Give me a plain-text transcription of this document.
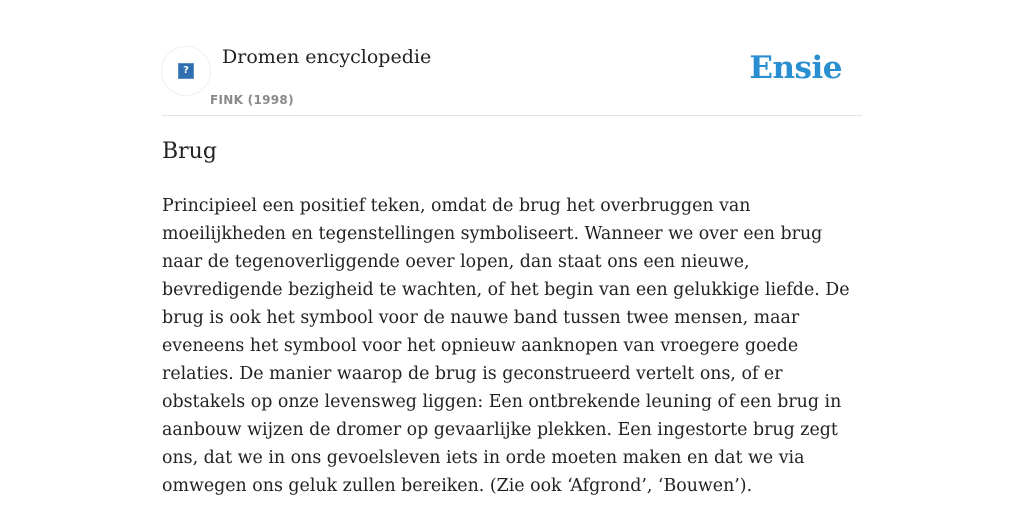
?
Dromen encyclopedie
FINK (1998)
Ensie
Brug

Principieel een positief teken, omdat de brug het overbruggen van moeilijkheden en tegenstellingen symboliseert. Wanneer we over een brug naar de tegenoverliggende oever lopen, dan staat ons een nieuwe, bevredigende bezigheid te wachten, of het begin van een gelukkige liefde. De brug is ook het symbool voor de nauwe band tussen twee mensen, maar eveneens het symbool voor het opnieuw aanknopen van vroegere goede relaties. De manier waarop de brug is geconstrueerd vertelt ons, of er obstakels op onze levensweg liggen: Een ontbrekende leuning of een brug in aanbouw wijzen de dromer op gevaarlijke plekken. Een ingestorte brug zegt ons, dat we in ons gevoelsleven iets in orde moeten maken en dat we via omwegen ons geluk zullen bereiken. (Zie ook ‘Afgrond’, ‘Bouwen’).
